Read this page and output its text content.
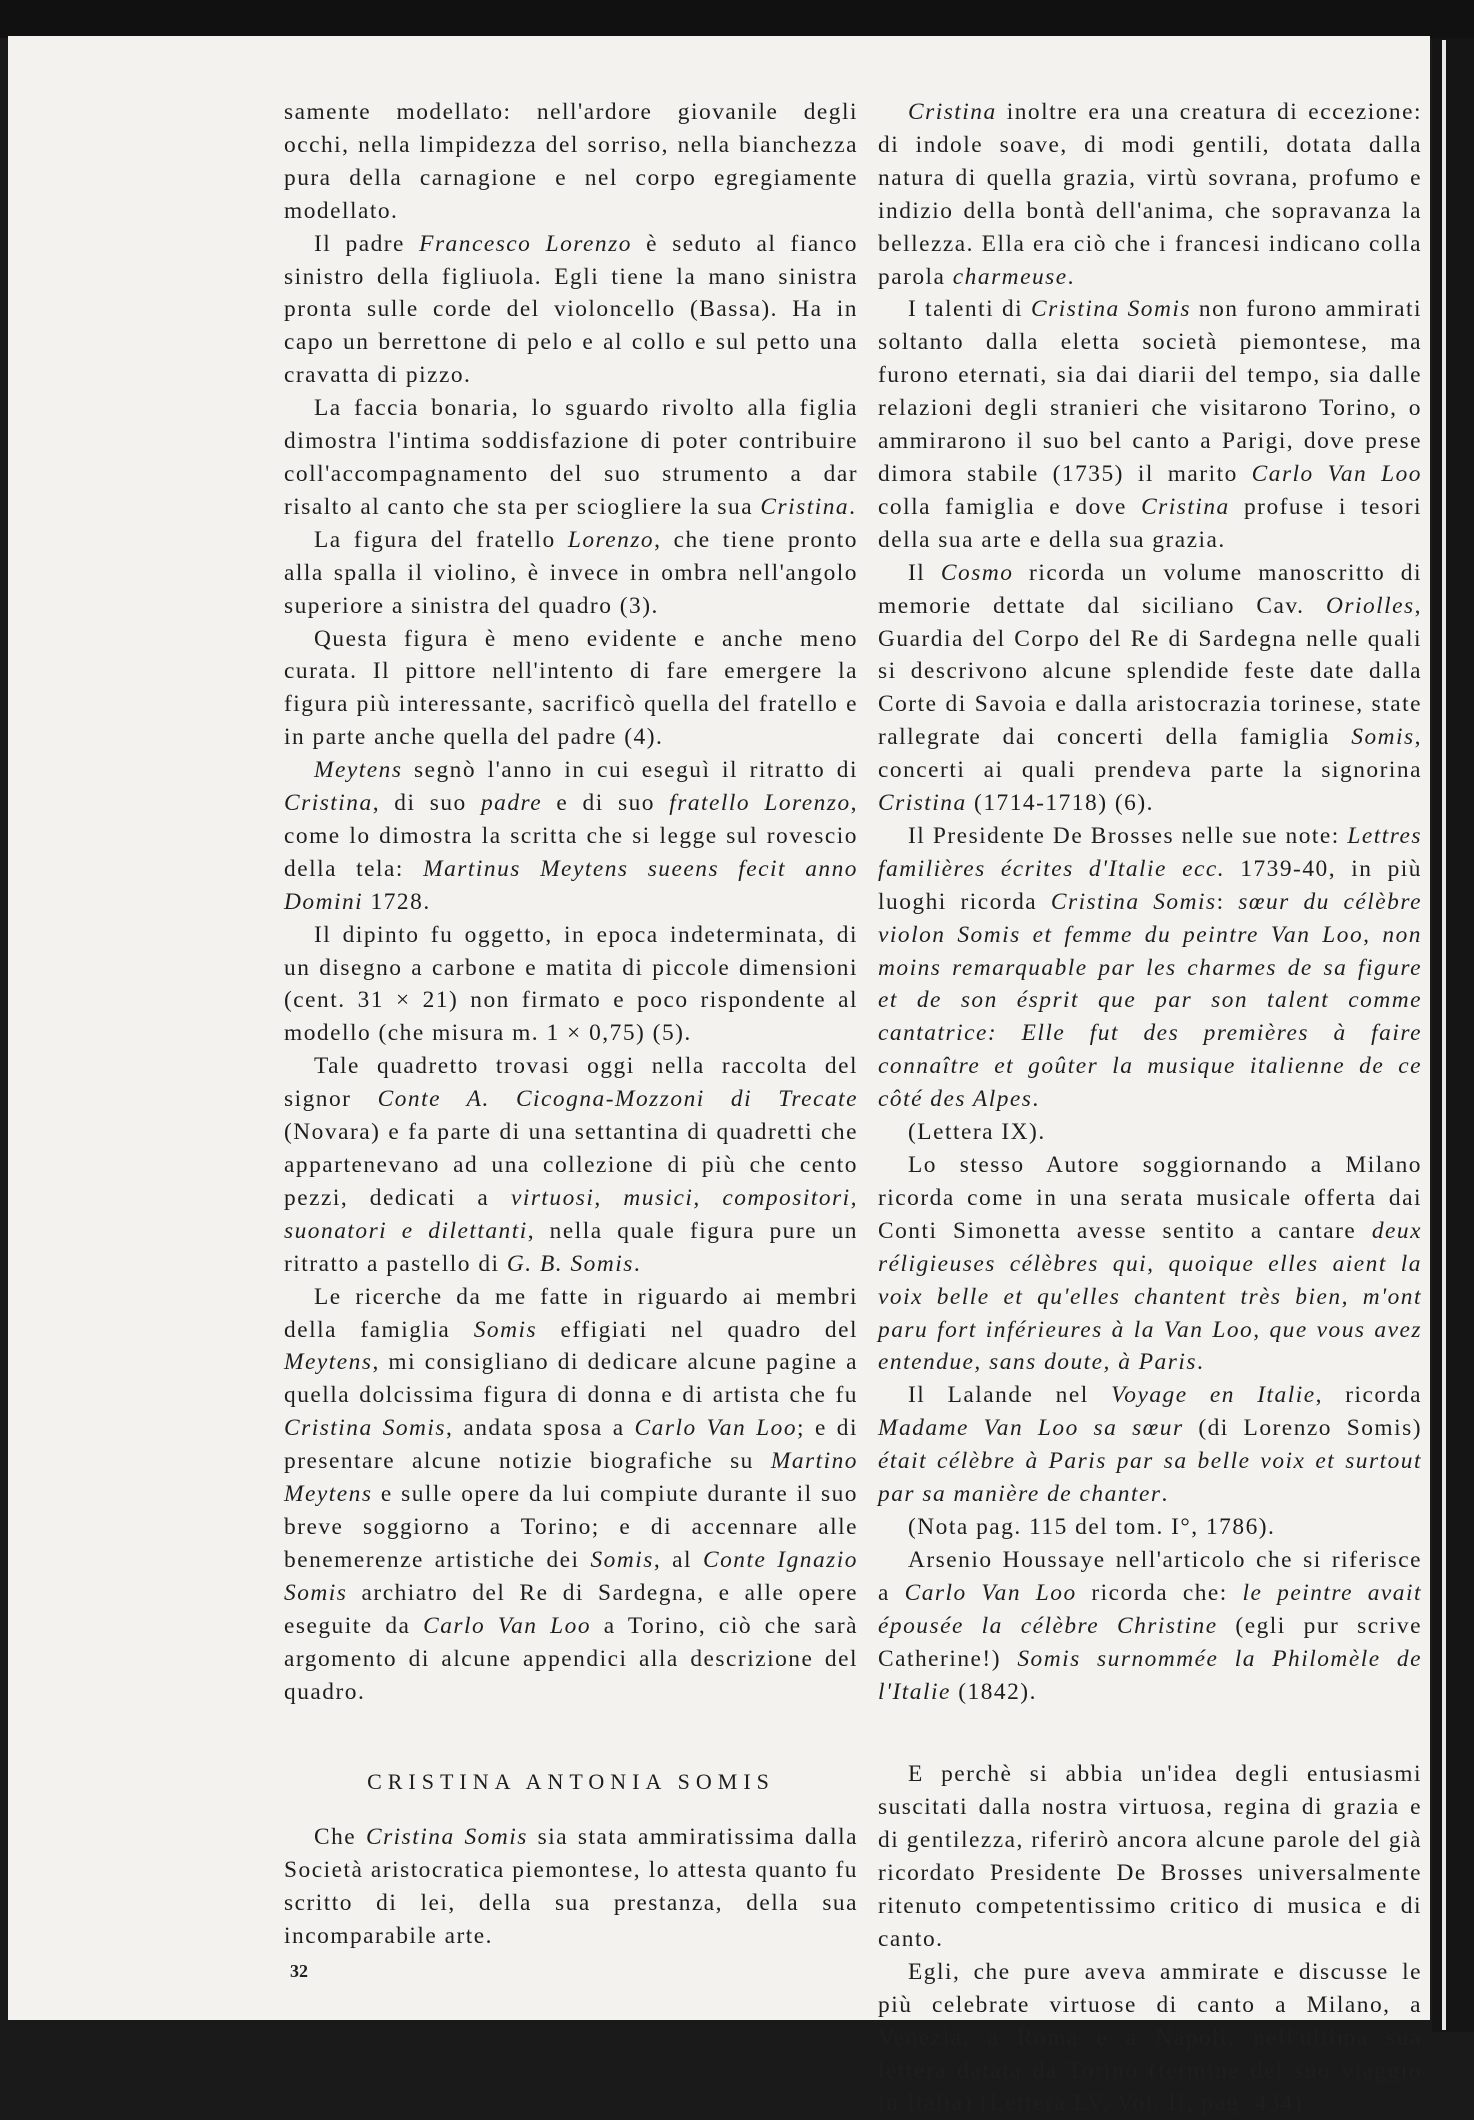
samente modellato: nell'ardore giovanile degli occhi, nella limpidezza del sorriso, nella bianchezza pura della carnagione e nel corpo egregiamente modellato.

Il padre Francesco Lorenzo è seduto al fianco sinistro della figliuola. Egli tiene la mano sinistra pronta sulle corde del violoncello (Bassa). Ha in capo un berrettone di pelo e al collo e sul petto una cravatta di pizzo.

La faccia bonaria, lo sguardo rivolto alla figlia dimostra l'intima soddisfazione di poter contribuire coll'accompagnamento del suo strumento a dar risalto al canto che sta per sciogliere la sua Cristina.

La figura del fratello Lorenzo, che tiene pronto alla spalla il violino, è invece in ombra nell'angolo superiore a sinistra del quadro (3).

Questa figura è meno evidente e anche meno curata. Il pittore nell'intento di fare emergere la figura più interessante, sacrificò quella del fratello e in parte anche quella del padre (4).

Meytens segnò l'anno in cui eseguì il ritratto di Cristina, di suo padre e di suo fratello Lorenzo, come lo dimostra la scritta che si legge sul rovescio della tela: Martinus Meytens sueens fecit anno Domini 1728.

Il dipinto fu oggetto, in epoca indeterminata, di un disegno a carbone e matita di piccole dimensioni (cent. 31 × 21) non firmato e poco rispondente al modello (che misura m. 1 × 0,75) (5).

Tale quadretto trovasi oggi nella raccolta del signor Conte A. Cicogna-Mozzoni di Trecate (Novara) e fa parte di una settantina di quadretti che appartenevano ad una collezione di più che cento pezzi, dedicati a virtuosi, musici, compositori, suonatori e dilettanti, nella quale figura pure un ritratto a pastello di G. B. Somis.

Le ricerche da me fatte in riguardo ai membri della famiglia Somis effigiati nel quadro del Meytens, mi consigliano di dedicare alcune pagine a quella dolcissima figura di donna e di artista che fu Cristina Somis, andata sposa a Carlo Van Loo; e di presentare alcune notizie biografiche su Martino Meytens e sulle opere da lui compiute durante il suo breve soggiorno a Torino; e di accennare alle benemerenze artistiche dei Somis, al Conte Ignazio Somis archiatro del Re di Sardegna, e alle opere eseguite da Carlo Van Loo a Torino, ciò che sarà argomento di alcune appendici alla descrizione del quadro.

CRISTINA ANTONIA SOMIS

Che Cristina Somis sia stata ammiratissima dalla Società aristocratica piemontese, lo attesta quanto fu scritto di lei, della sua prestanza, della sua incomparabile arte.

Cristina inoltre era una creatura di eccezione: di indole soave, di modi gentili, dotata dalla natura di quella grazia, virtù sovrana, profumo e indizio della bontà dell'anima, che sopravanza la bellezza. Ella era ciò che i francesi indicano colla parola charmeuse.

I talenti di Cristina Somis non furono ammirati soltanto dalla eletta società piemontese, ma furono eternati, sia dai diarii del tempo, sia dalle relazioni degli stranieri che visitarono Torino, o ammirarono il suo bel canto a Parigi, dove prese dimora stabile (1735) il marito Carlo Van Loo colla famiglia e dove Cristina profuse i tesori della sua arte e della sua grazia.

Il Cosmo ricorda un volume manoscritto di memorie dettate dal siciliano Cav. Oriolles, Guardia del Corpo del Re di Sardegna nelle quali si descrivono alcune splendide feste date dalla Corte di Savoia e dalla aristocrazia torinese, state rallegrate dai concerti della famiglia Somis, concerti ai quali prendeva parte la signorina Cristina (1714-1718) (6).

Il Presidente De Brosses nelle sue note: Lettres familières écrites d'Italie ecc. 1739-40, in più luoghi ricorda Cristina Somis: sœur du célèbre violon Somis et femme du peintre Van Loo, non moins remarquable par les charmes de sa figure et de son ésprit que par son talent comme cantatrice: Elle fut des premières à faire connaître et goûter la musique italienne de ce côté des Alpes.

(Lettera IX).

Lo stesso Autore soggiornando a Milano ricorda come in una serata musicale offerta dai Conti Simonetta avesse sentito a cantare deux réligieuses célèbres qui, quoique elles aient la voix belle et qu'elles chantent très bien, m'ont paru fort inférieures à la Van Loo, que vous avez entendue, sans doute, à Paris.

Il Lalande nel Voyage en Italie, ricorda Madame Van Loo sa sœur (di Lorenzo Somis) était célèbre à Paris par sa belle voix et surtout par sa manière de chanter.

(Nota pag. 115 del tom. I°, 1786).

Arsenio Houssaye nell'articolo che si riferisce a Carlo Van Loo ricorda che: le peintre avait épousée la célèbre Christine (egli pur scrive Catherine!) Somis surnommée la Philomèle de l'Italie (1842).

E perchè si abbia un'idea degli entusiasmi suscitati dalla nostra virtuosa, regina di grazia e di gentilezza, riferirò ancora alcune parole del già ricordato Presidente De Brosses universalmente ritenuto competentissimo critico di musica e di canto.

Egli, che pure aveva ammirate e discusse le più celebrate virtuose di canto a Milano, a Venezia, a Roma e a Napoli, nell'ultima sua lettera datata da Torino (termine del suo viaggio in Italia) (Lettera LV, Vol. II, pag. 434)

32
